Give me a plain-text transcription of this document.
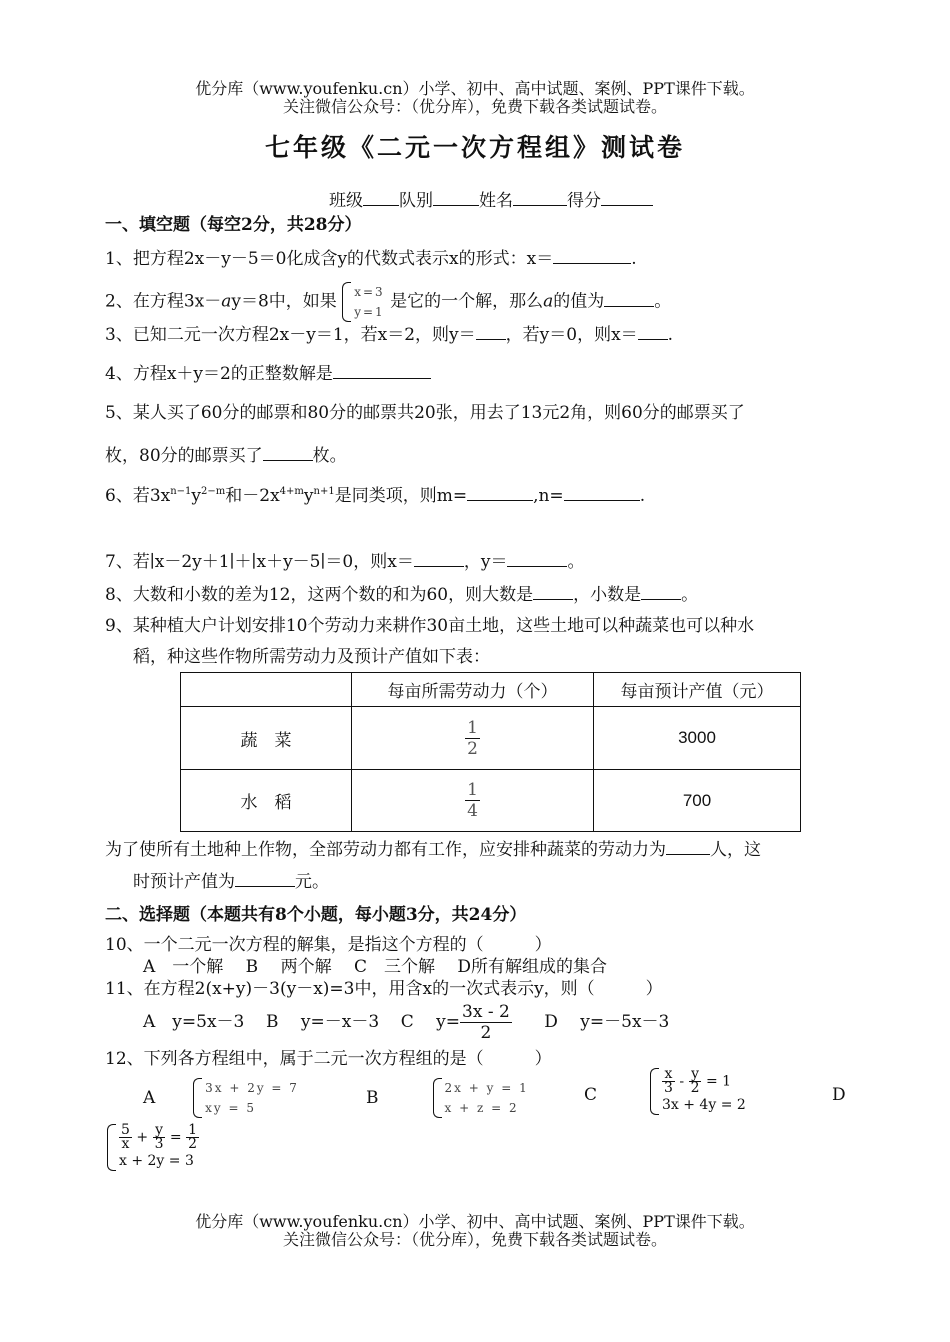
优分库（www.youfenku.cn）小学、初中、高中试题、案例、PPT课件下载。
关注微信公众号：（优分库），免费下载各类试题试卷。
七年级《二元一次方程组》测试卷
班级 队别	姓名	得分
一、填空题（每空2分，共28分）
1、把方程2x－y－5＝0化成含y的代数式表示x的形式：x＝	.
2、在方程3x－ay＝8中，如果 x=3
y=1
是它的一个解，那么a的值为	。
3、已知二元一次方程2x－y＝1，若x＝2，则y＝ ，若y＝0，则x＝ .
4、方程x＋y＝2的正整数解是
5、某人买了60分的邮票和80分的邮票共20张，用去了13元2角，则60分的邮票买了
枚，80分的邮票买了	枚。
6、若$3x^{n-1}y^{2-m}$和$-2x^{4+m}y^{n+1}$是同类项，则m=	,n=	.
7、若∣x－2y＋1∣＋∣x＋y－5∣＝0，则x＝	，y＝	。
8、大数和小数的差为12，这两个数的和为60，则大数是 ，小数是 。
9、某种植大户计划安排10个劳动力来耕作30亩土地，这些土地可以种蔬菜也可以种水
稻，种这些作物所需劳动力及预计产值如下表：
	每亩所需劳动力（个）	每亩预计产值（元）
蔬　菜	$\frac{1}{2}$	3000
水　稻	$\frac{1}{4}$	700
为了使所有土地种上作物，全部劳动力都有工作，应安排种蔬菜的劳动力为	人，这
时预计产值为	元。
二、选择题（本题共有8个小题，每小题3分，共24分）
10、一个二元一次方程的解集，是指这个方程的（　　　）
A　一个解　 B　 两个解　 C　三个解　 D所有解组成的集合
11、在方程2(x+y)－3(y－x)=3中，用含x的一次式表示y，则（　　　）
A　y=5x－3 B　 y=－x－3 C　 $y= \frac{3x - 2}{2}$ D　 y=－5x－3
12、下列各方程组中，属于二元一次方程组的是（　　　）
A	3x + 2y = 7
xy = 5	B	2x + y = 1
x + z = 2
C	$\frac{x}{3} - \frac{y}{2} = 1$
3x + 4y = 2	D
$\frac{5}{x} + \frac{y}{3} = \frac{1}{2}$
x + 2y = 3
优分库（www.youfenku.cn）小学、初中、高中试题、案例、PPT课件下载。
关注微信公众号：（优分库），免费下载各类试题试卷。
